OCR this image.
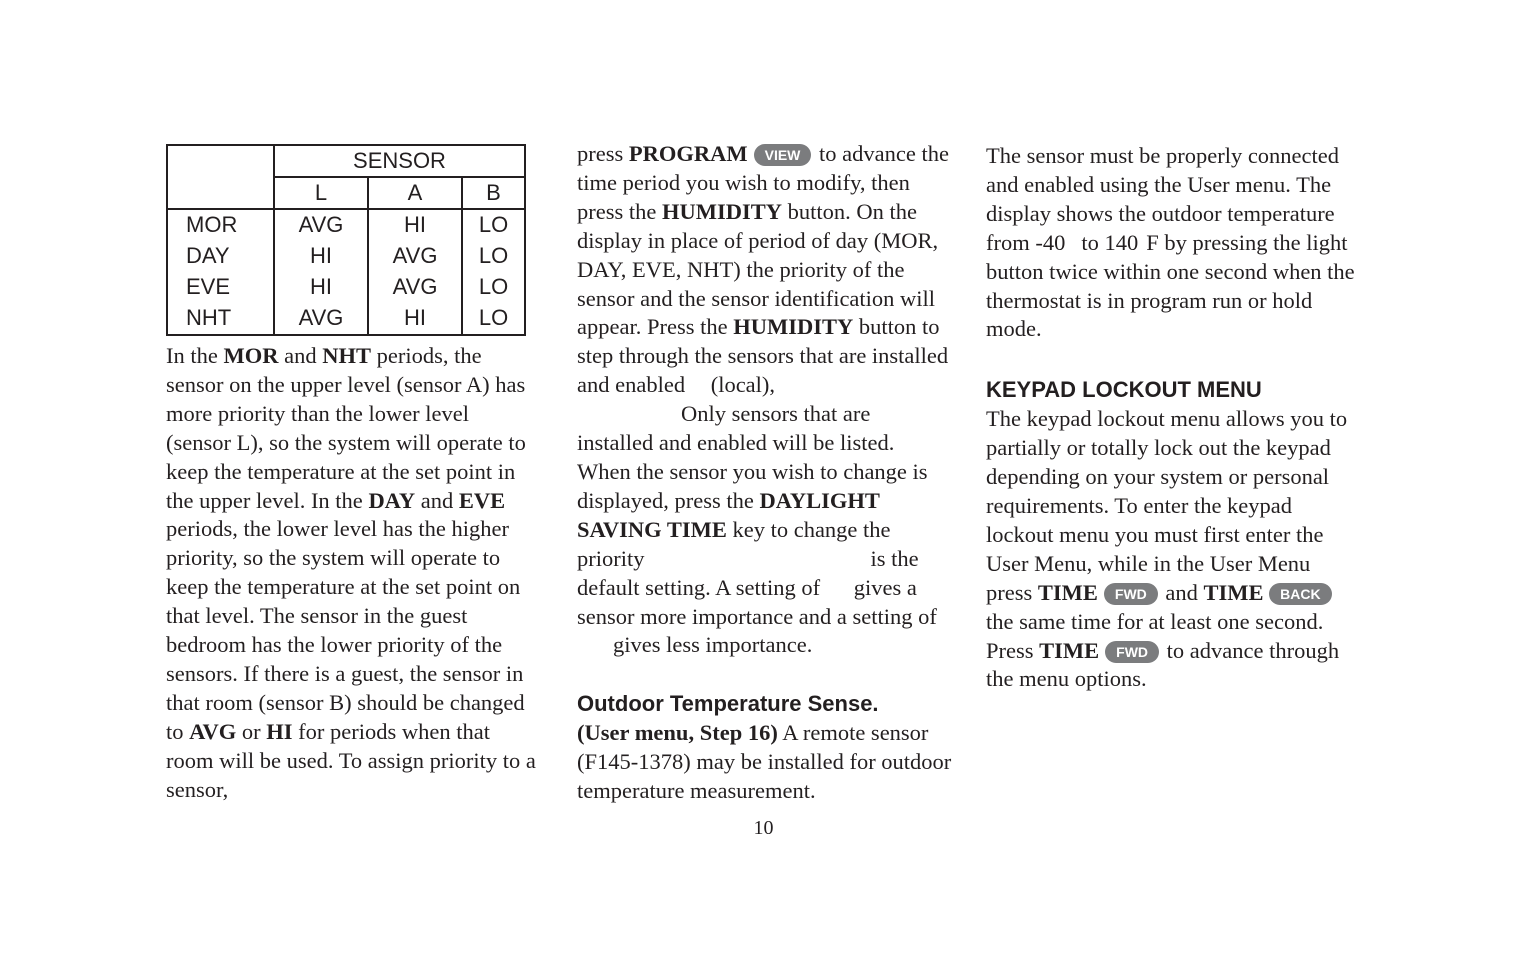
	SENSOR		
	L	A	B
MOR	AVG	HI	LO
DAY	HI	AVG	LO
EVE	HI	AVG	LO
NHT	AVG	HI	LO

In the MOR and NHT periods, the sensor on the upper level (sensor A) has more priority than the lower level (sensor L), so the system will operate to keep the temperature at the set point in the upper level. In the DAY and EVE periods, the lower level has the higher priority, so the system will operate to keep the temperature at the set point on that level. The sensor in the guest bedroom has the lower priority of the sensors. If there is a guest, the sensor in that room (sensor B) should be changed to AVG or HI for periods when that room will be used. To assign priority to a sensor,

press PROGRAM VIEW to advance the time period you wish to modify, then press the HUMIDITY button. On the display in place of period of day (MOR, DAY, EVE, NHT) the priority of the sensor and the sensor identification will appear. Press the HUMIDITY button to step through the sensors that are installed and enabled (local),
Only sensors that are installed and enabled will be listed. When the sensor you wish to change is displayed, press the DAYLIGHT SAVING TIME key to change the priority	is the default setting. A setting of gives a sensor more importance and a setting of gives less importance.

Outdoor Temperature Sense.

(User menu, Step 16) A remote sensor (F145-1378) may be installed for outdoor temperature measurement.

The sensor must be properly connected and enabled using the User menu. The display shows the outdoor temperature from -40 to 140 F by pressing the light button twice within one second when the thermostat is in program run or hold mode.

KEYPAD LOCKOUT MENU

The keypad lockout menu allows you to partially or totally lock out the keypad depending on your system or personal requirements. To enter the keypad lockout menu you must first enter the User Menu, while in the User Menu press TIME FWD and TIME BACK the same time for at least one second. Press TIME FWD to advance through the menu options.

10
